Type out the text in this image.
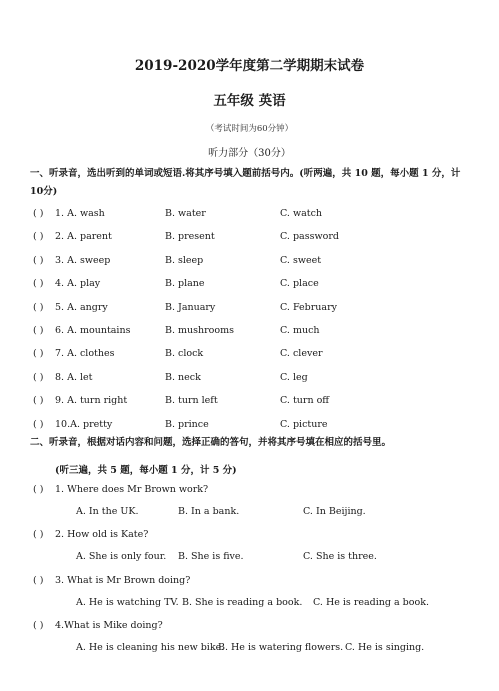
2019-2020学年度第二学期期末试卷
五年级 英语
（考试时间为60分钟）
听力部分（30分）
一、听录音，选出听到的单词或短语.将其序号填入题前括号内。(听两遍，共 10 题，每小题 1 分，计 10分)
( ) 1. A. wash	B. water	C. watch
( ) 2. A. parent	B. present	C. password
( ) 3. A. sweep	B. sleep	C. sweet
( ) 4. A. play	B. plane	C. place
( ) 5. A. angry	B. January	C. February
( ) 6. A. mountains	B. mushrooms	C. much
( ) 7. A. clothes	B. clock	C. clever
( ) 8. A. let	B. neck	C. leg
( ) 9. A. turn right	B. turn left	C. turn off
( ) 10.A. pretty	B. prince	C. picture
二、听录音，根据对话内容和问题，选择正确的答句，并将其序号填在相应的括号里。
(听三遍，共 5 题，每小题 1 分，计 5 分)
( ) 1. Where does Mr Brown work?
A. In the UK.	B. In a bank.	C. In Beijing.
( ) 2. How old is Kate?
A. She is only four. B. She is five.	C. She is three.
( ) 3. What is Mr Brown doing?
A. He is watching TV. B. She is reading a book. C. He is reading a book.
( ) 4.What is Mike doing?
A. He is cleaning his new bike.
B. He is watering flowers. C. He is singing.
